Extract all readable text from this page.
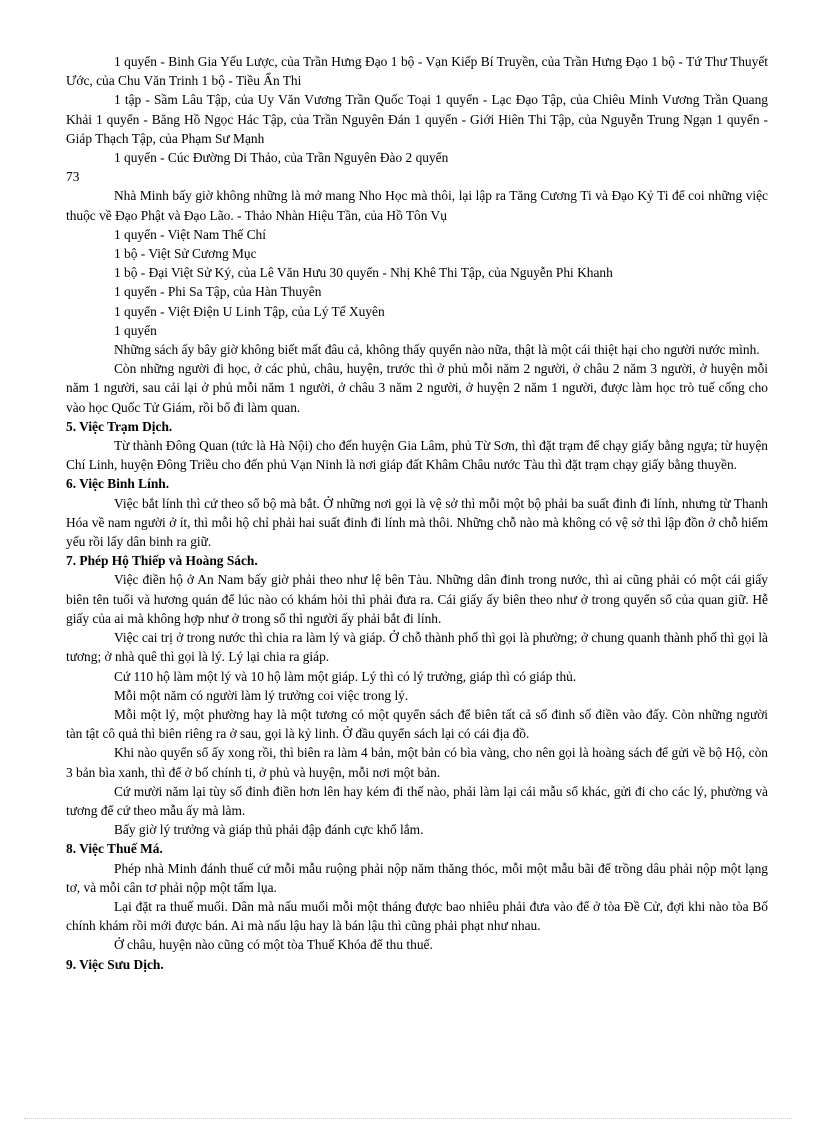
1 quyển - Binh Gia Yếu Lược, của Trần Hưng Đạo 1 bộ - Vạn Kiếp Bí Truyền, của Trần Hưng Đạo 1 bộ - Tứ Thư Thuyết Ước, của Chu Văn Trinh 1 bộ - Tiều Ẩn Thi

1 tập - Sầm Lâu Tập, của Uy Văn Vương Trần Quốc Toại 1 quyển - Lạc Đạo Tập, của Chiêu Minh Vương Trần Quang Khải 1 quyển - Băng Hồ Ngọc Hác Tập, của Trần Nguyên Đán 1 quyển - Giới Hiên Thi Tập, của Nguyễn Trung Ngạn 1 quyển - Giáp Thạch Tập, của Phạm Sư Mạnh

1 quyển - Cúc Đường Di Thảo, của Trần Nguyên Đào 2 quyển

73

Nhà Minh bấy giờ không những là mở mang Nho Học mà thôi, lại lập ra Tăng Cương Ti và Đạo Kỷ Ti để coi những việc thuộc về Đạo Phật và Đạo Lão. - Thảo Nhàn Hiệu Tần, của Hồ Tôn Vụ

1 quyển - Việt Nam Thế Chí

1 bộ - Việt Sử Cương Mục

1 bộ - Đại Việt Sử Ký, của Lê Văn Hưu 30 quyển - Nhị Khê Thi Tập, của Nguyễn Phi Khanh

1 quyển - Phi Sa Tập, của Hàn Thuyên

1 quyển - Việt Điện U Linh Tập, của Lý Tế Xuyên

1 quyển

Những sách ấy bây giờ không biết mất đâu cả, không thấy quyển nào nữa, thật là một cái thiệt hại cho người nước mình.

Còn những người đi học, ở các phủ, châu, huyện, trước thì ở phủ mỗi năm 2 người, ở châu 2 năm 3 người, ở huyện mỗi năm 1 người, sau cải lại ở phủ mỗi năm 1 người, ở châu 3 năm 2 người, ở huyện 2 năm 1 người, được làm học trò tuế cống cho vào học Quốc Tử Giám, rồi bổ đi làm quan.

5. Việc Trạm Dịch.

Từ thành Đông Quan (tức là Hà Nội) cho đến huyện Gia Lâm, phủ Từ Sơn, thì đặt trạm để chạy giấy bằng ngựa; từ huyện Chí Linh, huyện Đông Triều cho đến phủ Vạn Ninh là nơi giáp đất Khâm Châu nước Tàu thì đặt trạm chạy giấy bằng thuyền.

6. Việc Binh Lính.

Việc bắt lính thì cứ theo sổ bộ mà bắt. Ở những nơi gọi là vệ sở thì mỗi một bộ phải ba suất đinh đi lính, nhưng từ Thanh Hóa về nam người ở ít, thì mỗi hộ chỉ phải hai suất đinh đi lính mà thôi. Những chỗ nào mà không có vệ sở thì lập đồn ở chỗ hiểm yếu rồi lấy dân binh ra giữ.

7. Phép Hộ Thiếp và Hoàng Sách.

Việc điền hộ ở An Nam bấy giờ phải theo như lệ bên Tàu. Những dân đinh trong nước, thì ai cũng phải có một cái giấy biên tên tuổi và hương quán để lúc nào có khám hỏi thì phải đưa ra. Cái giấy ấy biên theo như ở trong quyển sổ của quan giữ. Hễ giấy của ai mà không hợp như ở trong sổ thì người ấy phải bắt đi lính.

Việc cai trị ở trong nước thì chia ra làm lý và giáp. Ở chỗ thành phố thì gọi là phường; ở chung quanh thành phố thì gọi là tương; ở nhà quê thì gọi là lý. Lý lại chia ra giáp.

Cứ 110 hộ làm một lý và 10 hộ làm một giáp. Lý thì có lý trưởng, giáp thì có giáp thủ.

Mỗi một năm có người làm lý trưởng coi việc trong lý.

Mỗi một lý, một phường hay là một tương có một quyển sách để biên tất cả số đinh số điền vào đấy. Còn những người tàn tật cô quả thì biên riêng ra ở sau, gọi là kỷ linh. Ở đầu quyển sách lại có cái địa đồ.

Khi nào quyển sổ ấy xong rồi, thì biên ra làm 4 bản, một bản có bìa vàng, cho nên gọi là hoàng sách để gửi về bộ Hộ, còn 3 bản bìa xanh, thì để ở bố chính ti, ở phủ và huyện, mỗi nơi một bản.

Cứ mười năm lại tùy số đinh điền hơn lên hay kém đi thế nào, phải làm lại cái mẫu sổ khác, gửi đi cho các lý, phường và tương để cứ theo mẫu ấy mà làm.

Bấy giờ lý trưởng và giáp thủ phải đập đánh cực khổ lắm.

8. Việc Thuế Má.

Phép nhà Minh đánh thuế cứ mỗi mẫu ruộng phải nộp năm thăng thóc, mỗi một mẫu bãi để trồng dâu phải nộp một lạng tơ, và mỗi cân tơ phải nộp một tấm lụa.

Lại đặt ra thuế muối. Dân mà nấu muối mỗi một tháng được bao nhiêu phải đưa vào để ở tòa Đề Cử, đợi khi nào tòa Bố chính khám rồi mới được bán. Ai mà nấu lậu hay là bán lậu thì cũng phải phạt như nhau.

Ở châu, huyện nào cũng có một tòa Thuế Khóa để thu thuế.

9. Việc Sưu Dịch.
